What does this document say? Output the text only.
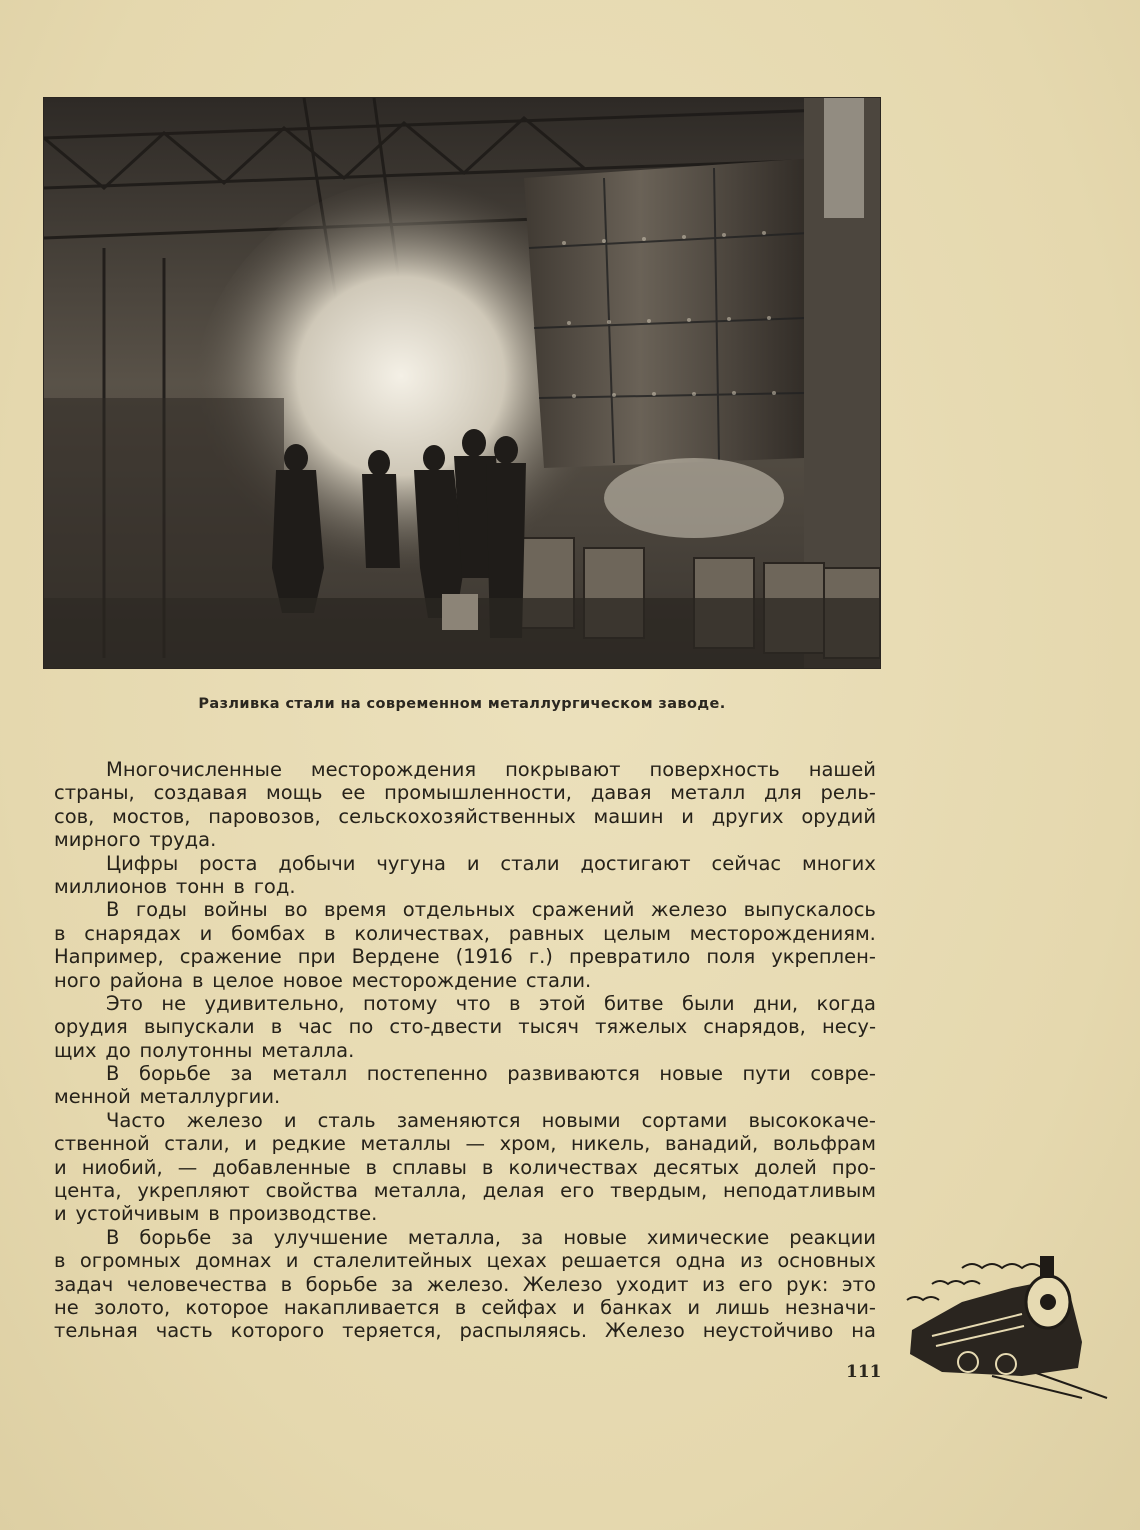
Разливка стали на современном металлургическом заводе.
Многочисленные месторождения покрывают поверхность нашей
страны, создавая мощь ее промышленности, давая металл для рель-
сов, мостов, паровозов, сельскохозяйственных машин и других орудий
мирного труда.
Цифры роста добычи чугуна и стали достигают сейчас многих
миллионов тонн в год.
В годы войны во время отдельных сражений железо выпускалось
в снарядах и бомбах в количествах, равных целым месторождениям.
Например, сражение при Вердене (1916 г.) превратило поля укреплен-
ного района в целое новое месторождение стали.
Это не удивительно, потому что в этой битве были дни, когда
орудия выпускали в час по сто-двести тысяч тяжелых снарядов, несу-
щих до полутонны металла.
В борьбе за металл постепенно развиваются новые пути совре-
менной металлургии.
Часто железо и сталь заменяются новыми сортами высококаче-
ственной стали, и редкие металлы — хром, никель, ванадий, вольфрам
и ниобий, — добавленные в сплавы в количествах десятых долей про-
цента, укрепляют свойства металла, делая его твердым, неподатливым
и устойчивым в производстве.
В борьбе за улучшение металла, за новые химические реакции
в огромных домнах и сталелитейных цехах решается одна из основных
задач человечества в борьбе за железо. Железо уходит из его рук: это
не золото, которое накапливается в сейфах и банках и лишь незначи-
тельная часть которого теряется, распыляясь. Железо неустойчиво на
111
